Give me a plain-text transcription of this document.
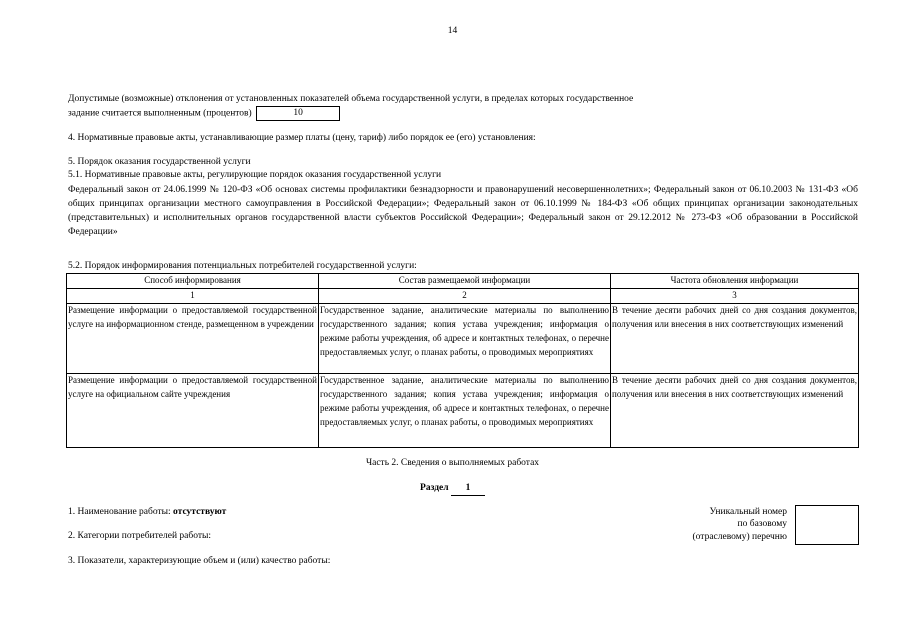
14
Допустимые (возможные) отклонения от установленных показателей объема государственной услуги, в пределах которых государственное
задание считается выполненным (процентов)	10
4. Нормативные правовые акты, устанавливающие размер платы (цену, тариф) либо порядок ее (его) установления:
5. Порядок оказания государственной услуги
5.1. Нормативные правовые акты, регулирующие порядок оказания государственной услуги
Федеральный закон от 24.06.1999 № 120-ФЗ «Об основах системы профилактики безнадзорности и правонарушений несовершеннолетних»; Федеральный закон от 06.10.2003 № 131-ФЗ «Об общих принципах организации местного самоуправления в Российской Федерации»; Федеральный закон от 06.10.1999 № 184-ФЗ «Об общих принципах организации законодательных (представительных) и исполнительных органов государственной власти субъектов Российской Федерации»; Федеральный закон от 29.12.2012 № 273-ФЗ «Об образовании в Российской Федерации»
5.2. Порядок информирования потенциальных потребителей государственной услуги:
Способ информирования	Состав размещаемой информации	Частота обновления информации
1	2	3
Размещение информации о предоставляемой государственной услуге на информационном стенде, размещенном в учреждении	Государственное задание, аналитические материалы по выполнению государственного задания; копия устава учреждения; информация о режиме работы учреждения, об адресе и контактных телефонах, о перечне предоставляемых услуг, о планах работы, о проводимых мероприятиях	В течение десяти рабочих дней со дня создания документов, получения или внесения в них соответствующих изменений
Размещение информации о предоставляемой государственной услуге на официальном сайте учреждения	Государственное задание, аналитические материалы по выполнению государственного задания; копия устава учреждения; информация о режиме работы учреждения, об адресе и контактных телефонах, о перечне предоставляемых услуг, о планах работы, о проводимых мероприятиях	В течение десяти рабочих дней со дня создания документов, получения или внесения в них соответствующих изменений
Часть 2. Сведения о выполняемых работах
Раздел 1
1. Наименование работы: отсутствуют
2. Категории потребителей работы:
3. Показатели, характеризующие объем и (или) качество работы:
Уникальный номер
по базовому
(отраслевому) перечню
